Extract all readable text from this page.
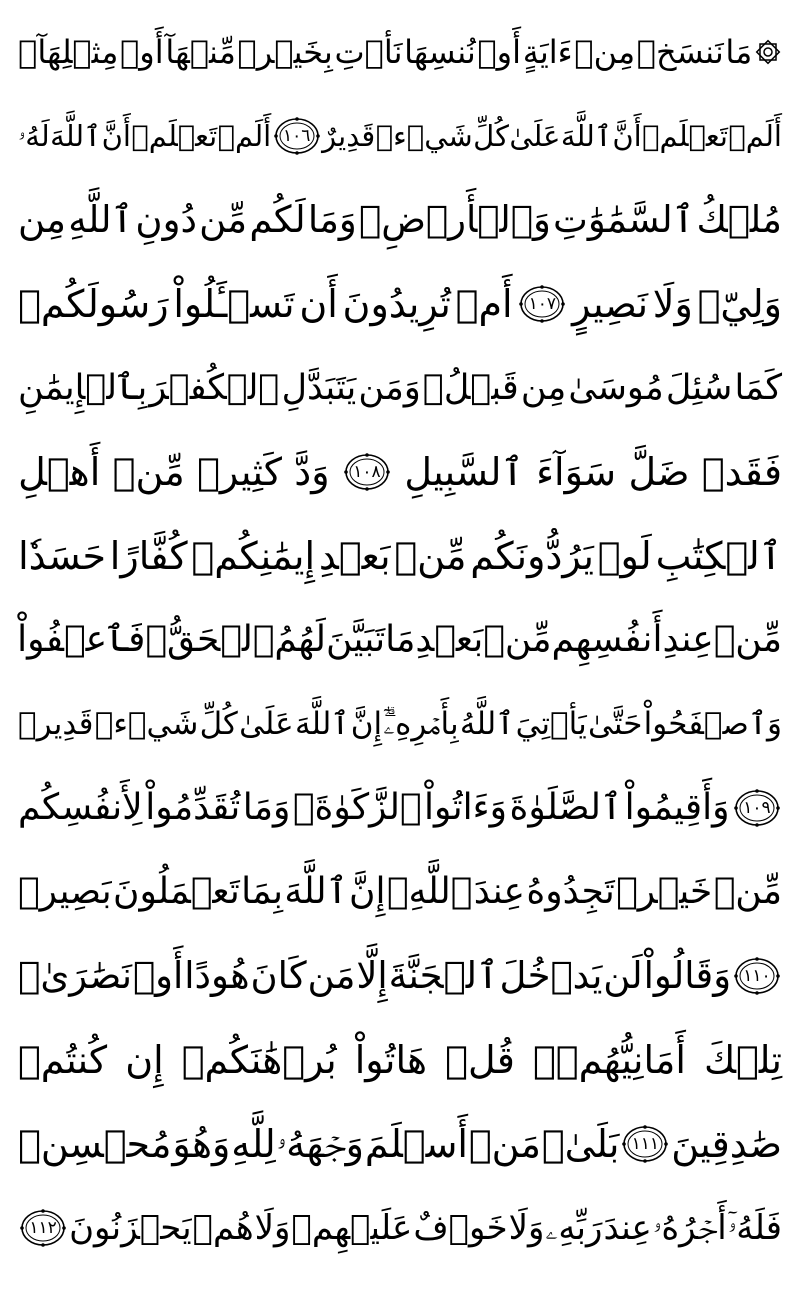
مَا
نَنسَخۡ
مِنۡ
ءَايَةٍ
أَوۡ
نُنسِهَا
نَأۡتِ
بِخَيۡرٖ
مِّنۡهَآ
أَوۡ
مِثۡلِهَآۗ
أَلَمۡ
تَعۡلَمۡ
أَنَّ
ٱللَّهَ
عَلَىٰ
كُلِّ
شَيۡءٖ
قَدِيرٌ
١٠٦
أَلَمۡ
تَعۡلَمۡ
أَنَّ
ٱللَّهَ
لَهُۥ
مُلۡكُ
ٱلسَّمَٰوَٰتِ
وَٱلۡأَرۡضِۗ
وَمَا
لَكُم
مِّن
دُونِ
ٱللَّهِ
مِن
وَلِيّٖ
وَلَا
نَصِيرٍ
١٠٧
أَمۡ
تُرِيدُونَ
أَن
تَسۡـَٔلُواْ
رَسُولَكُمۡ
كَمَا
سُئِلَ
مُوسَىٰ
مِن
قَبۡلُۗ
وَمَن
يَتَبَدَّلِ
ٱلۡكُفۡرَ
بِٱلۡإِيمَٰنِ
فَقَدۡ
ضَلَّ
سَوَآءَ
ٱلسَّبِيلِ
١٠٨
وَدَّ
كَثِيرٞ
مِّنۡ
أَهۡلِ
ٱلۡكِتَٰبِ
لَوۡ
يَرُدُّونَكُم
مِّنۢ
بَعۡدِ
إِيمَٰنِكُمۡ
كُفَّارًا
حَسَدٗا
مِّنۡ
عِندِ
أَنفُسِهِم
مِّنۢ
بَعۡدِ
مَا
تَبَيَّنَ
لَهُمُ
ٱلۡحَقُّۖ
فَٱعۡفُواْ
وَٱصۡفَحُواْ
حَتَّىٰ
يَأۡتِيَ
ٱللَّهُ
بِأَمۡرِهِۦٓۗ
إِنَّ
ٱللَّهَ
عَلَىٰ
كُلِّ
شَيۡءٖ
قَدِيرٞ
١٠٩
وَأَقِيمُواْ
ٱلصَّلَوٰةَ
وَءَاتُواْ
ٱلزَّكَوٰةَۚ
وَمَا
تُقَدِّمُواْ
لِأَنفُسِكُم
مِّنۡ
خَيۡرٖ
تَجِدُوهُ
عِندَ
ٱللَّهِۗ
إِنَّ
ٱللَّهَ
بِمَا
تَعۡمَلُونَ
بَصِيرٞ
١١٠
وَقَالُواْ
لَن
يَدۡخُلَ
ٱلۡجَنَّةَ
إِلَّا
مَن
كَانَ
هُودًا
أَوۡ
نَصَٰرَىٰۗ
تِلۡكَ
أَمَانِيُّهُمۡۗ
قُلۡ
هَاتُواْ
بُرۡهَٰنَكُمۡ
إِن
كُنتُمۡ
صَٰدِقِينَ
١١١
بَلَىٰۚ
مَنۡ
أَسۡلَمَ
وَجۡهَهُۥ
لِلَّهِ
وَهُوَ
مُحۡسِنٞ
فَلَهُۥٓ
أَجۡرُهُۥ
عِندَ
رَبِّهِۦ
وَلَا
خَوۡفٌ
عَلَيۡهِمۡ
وَلَا
هُمۡ
يَحۡزَنُونَ
١١٢
